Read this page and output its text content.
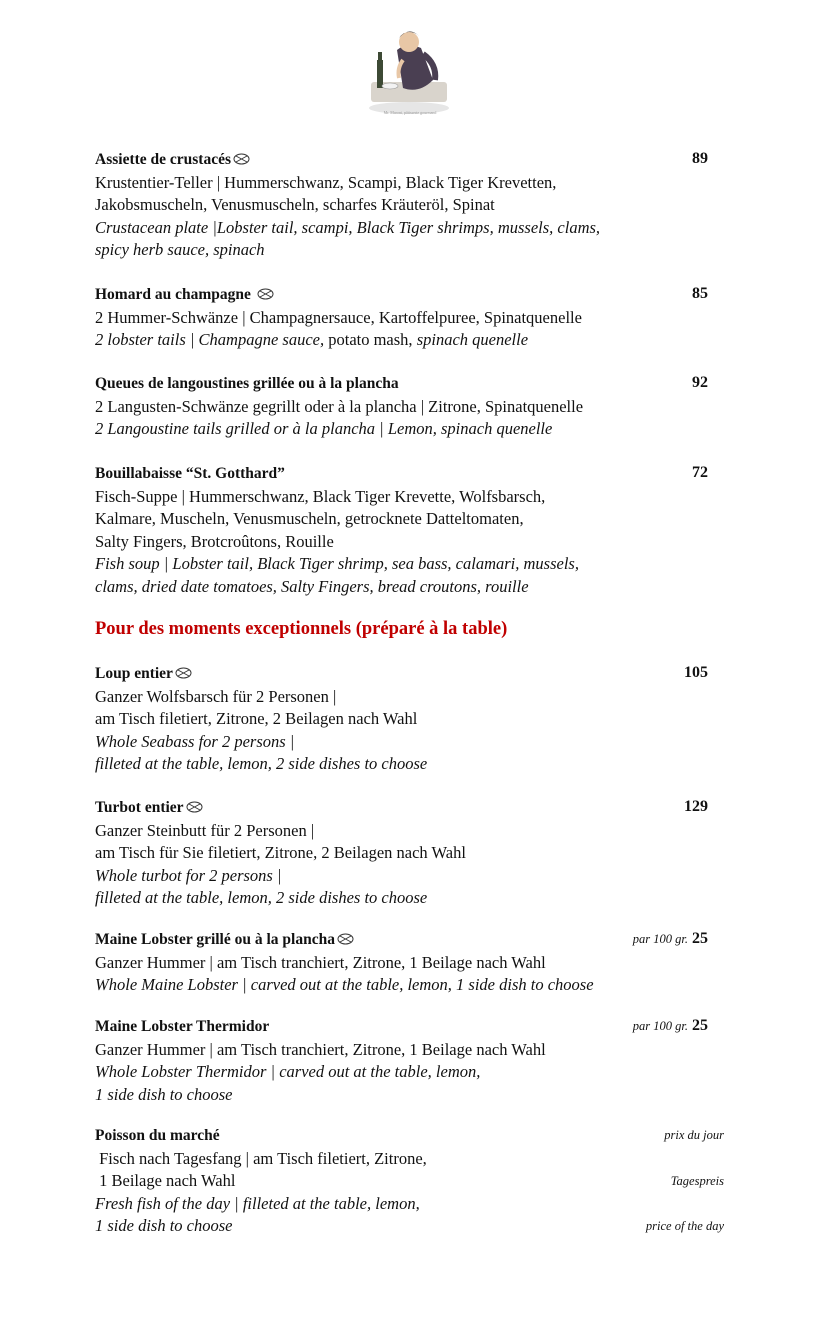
Mr. Maroni, pâtisserie gourmand
Assiette de crustacés	89
Krustentier-Teller | Hummerschwanz, Scampi, Black Tiger Krevetten,
Jakobsmuscheln, Venusmuscheln, scharfes Kräuteröl, Spinat
Crustacean plate |Lobster tail, scampi, Black Tiger shrimps, mussels, clams,
spicy herb sauce, spinach
Homard au champagne	85
2 Hummer-Schwänze | Champagnersauce, Kartoffelpuree, Spinatquenelle
2 lobster tails | Champagne sauce, potato mash, spinach quenelle
Queues de langoustines grillée ou à la plancha	92
2 Langusten-Schwänze gegrillt oder à la plancha | Zitrone, Spinatquenelle
2 Langoustine tails grilled or à la plancha | Lemon, spinach quenelle
Bouillabaisse “St. Gotthard”	72
Fisch-Suppe | Hummerschwanz, Black Tiger Krevette, Wolfsbarsch,
Kalmare, Muscheln, Venusmuscheln, getrocknete Datteltomaten,
Salty Fingers, Brotcroûtons, Rouille
Fish soup | Lobster tail, Black Tiger shrimp, sea bass, calamari, mussels,
clams, dried date tomatoes, Salty Fingers, bread croutons, rouille
Pour des moments exceptionnels (préparé à la table)
Loup entier	105
Ganzer Wolfsbarsch für 2 Personen |
am Tisch filetiert, Zitrone, 2 Beilagen nach Wahl
Whole Seabass for 2 persons |
filleted at the table, lemon, 2 side dishes to choose
Turbot entier	129
Ganzer Steinbutt für 2 Personen |
am Tisch für Sie filetiert, Zitrone, 2 Beilagen nach Wahl
Whole turbot for 2 persons |
filleted at the table, lemon, 2 side dishes to choose
Maine Lobster grillé ou à la plancha	par 100 gr. 25
Ganzer Hummer | am Tisch tranchiert, Zitrone, 1 Beilage nach Wahl
Whole Maine Lobster | carved out at the table, lemon, 1 side dish to choose
Maine Lobster Thermidor	par 100 gr. 25
Ganzer Hummer | am Tisch tranchiert, Zitrone, 1 Beilage nach Wahl
Whole Lobster Thermidor | carved out at the table, lemon,
1 side dish to choose
Poisson du marché	prix du jour
Fisch nach Tagesfang | am Tisch filetiert, Zitrone,
1 Beilage nach Wahl	Tagespreis
Fresh fish of the day | filleted at the table, lemon,
1 side dish to choose	price of the day
